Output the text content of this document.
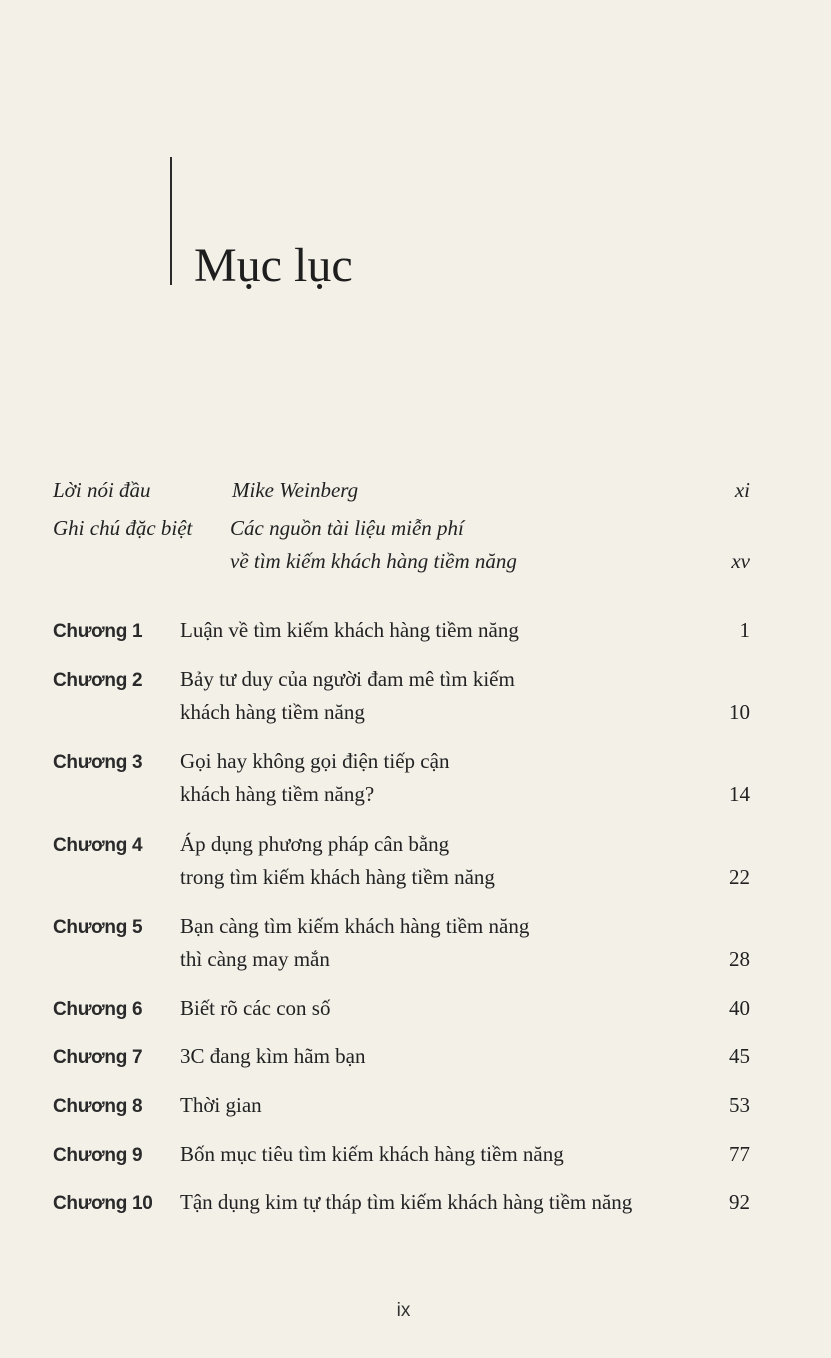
Mục lục
Lời nói đầu	Mike Weinberg	xi
Ghi chú đặc biệt Các nguồn tài liệu miễn phí
về tìm kiếm khách hàng tiềm năng	xv
Chương 1 Luận về tìm kiếm khách hàng tiềm năng	1
Chương 2 Bảy tư duy của người đam mê tìm kiếm
khách hàng tiềm năng	10
Chương 3 Gọi hay không gọi điện tiếp cận
khách hàng tiềm năng?	14
Chương 4 Áp dụng phương pháp cân bằng
trong tìm kiếm khách hàng tiềm năng	22
Chương 5 Bạn càng tìm kiếm khách hàng tiềm năng
thì càng may mắn	28
Chương 6 Biết rõ các con số	40
Chương 7 3C đang kìm hãm bạn	45
Chương 8 Thời gian	53
Chương 9 Bốn mục tiêu tìm kiếm khách hàng tiềm năng	77
Chương 10 Tận dụng kim tự tháp tìm kiếm khách hàng tiềm năng	92
ix
